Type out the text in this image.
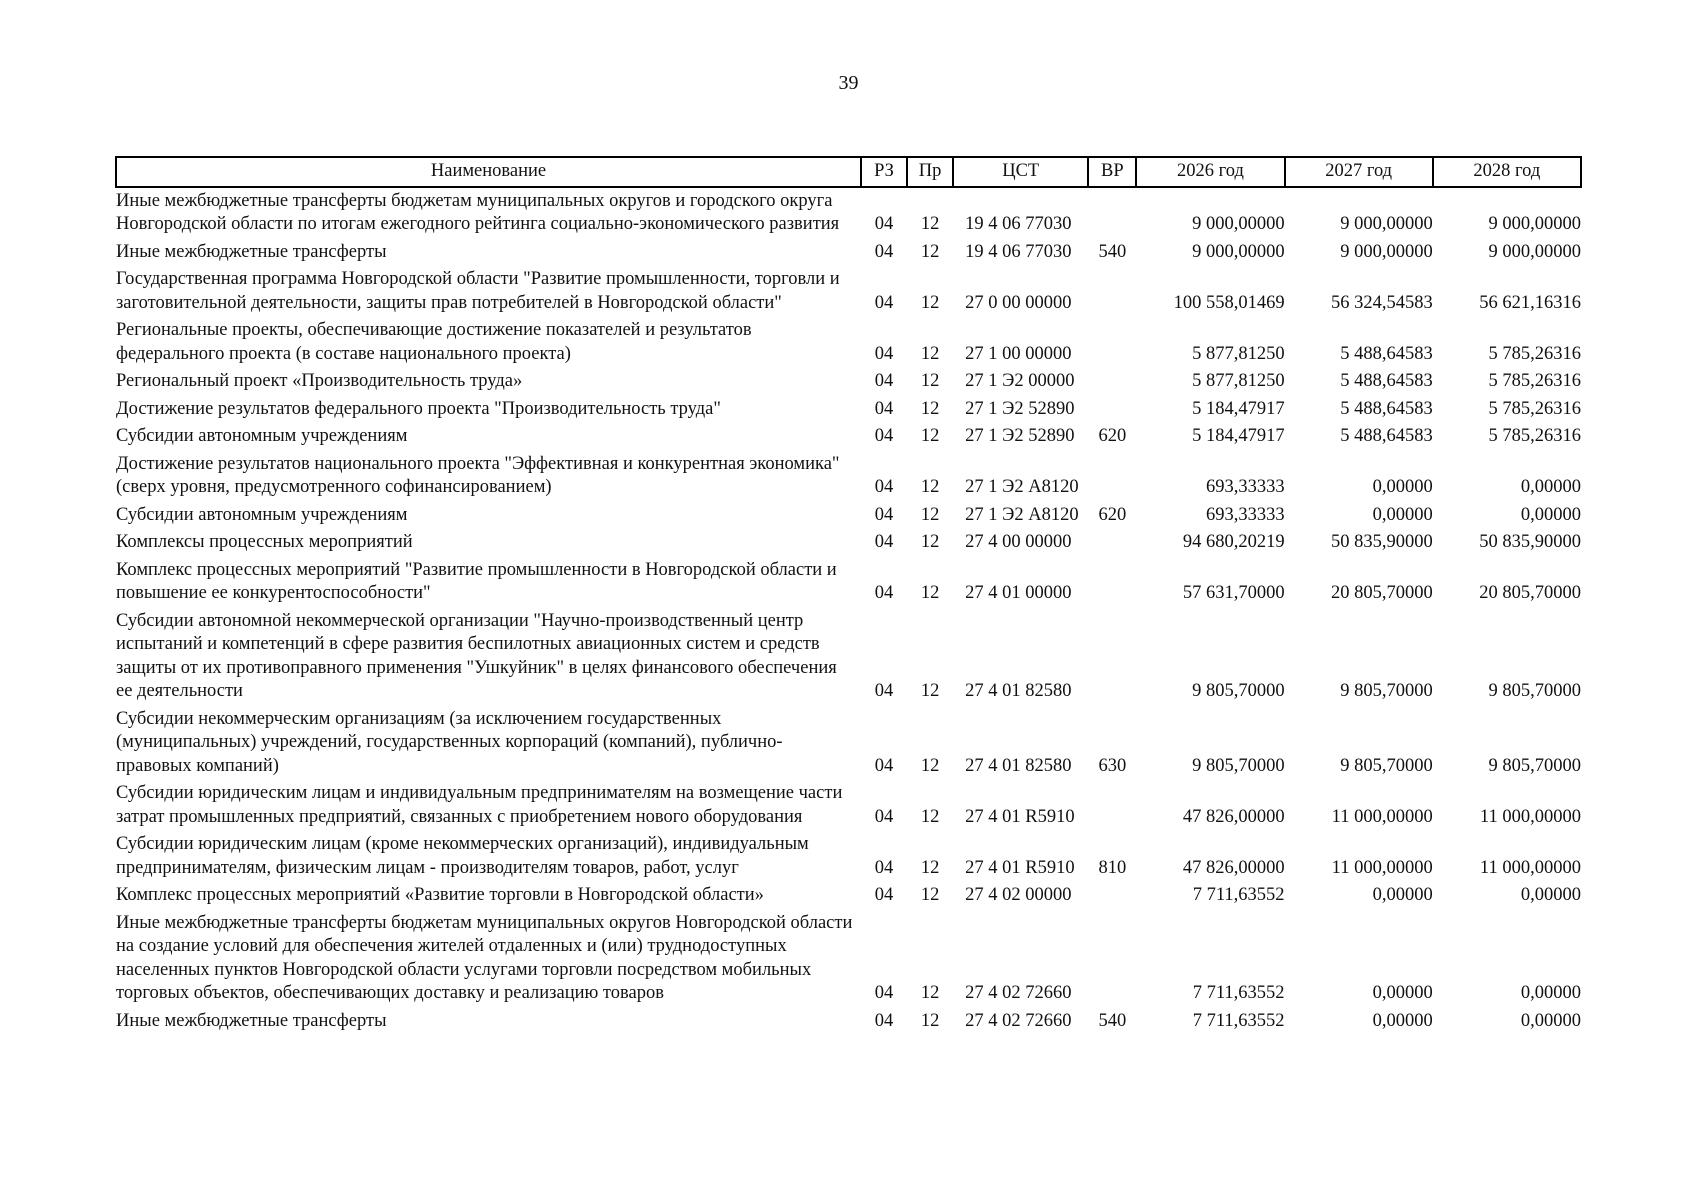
39
Наименование	РЗ	Пр	ЦСТ	ВР	2026 год	2027 год	2028 год
Иные межбюджетные трансферты бюджетам муниципальных округов и городского округа Новгородской области по итогам ежегодного рейтинга социально-экономического развития	04	12	19 4 06 77030		9 000,00000	9 000,00000	9 000,00000
Иные межбюджетные трансферты	04	12	19 4 06 77030	540	9 000,00000	9 000,00000	9 000,00000
Государственная программа Новгородской области "Развитие промышленности, торговли и заготовительной деятельности, защиты прав потребителей в Новгородской области"	04	12	27 0 00 00000		100 558,01469	56 324,54583	56 621,16316
Региональные проекты, обеспечивающие достижение показателей и результатов федерального проекта (в составе национального проекта)	04	12	27 1 00 00000		5 877,81250	5 488,64583	5 785,26316
Региональный проект «Производительность труда»	04	12	27 1 Э2 00000		5 877,81250	5 488,64583	5 785,26316
Достижение результатов федерального проекта "Производительность труда"	04	12	27 1 Э2 52890		5 184,47917	5 488,64583	5 785,26316
Субсидии автономным учреждениям	04	12	27 1 Э2 52890	620	5 184,47917	5 488,64583	5 785,26316
Достижение результатов национального проекта "Эффективная и конкурентная экономика" (сверх уровня, предусмотренного софинансированием)	04	12	27 1 Э2 А8120		693,33333	0,00000	0,00000
Субсидии автономным учреждениям	04	12	27 1 Э2 А8120	620	693,33333	0,00000	0,00000
Комплексы процессных мероприятий	04	12	27 4 00 00000		94 680,20219	50 835,90000	50 835,90000
Комплекс процессных мероприятий "Развитие промышленности в Новгородской области и повышение ее конкурентоспособности"	04	12	27 4 01 00000		57 631,70000	20 805,70000	20 805,70000
Субсидии автономной некоммерческой организации "Научно-производственный центр испытаний и компетенций в сфере развития беспилотных авиационных систем и средств защиты от их противоправного применения "Ушкуйник" в целях финансового обеспечения ее деятельности	04	12	27 4 01 82580		9 805,70000	9 805,70000	9 805,70000
Субсидии некоммерческим организациям (за исключением государственных (муниципальных) учреждений, государственных корпораций (компаний), публично-правовых компаний)	04	12	27 4 01 82580	630	9 805,70000	9 805,70000	9 805,70000
Субсидии юридическим лицам и индивидуальным предпринимателям на возмещение части затрат промышленных предприятий, связанных с приобретением нового оборудования	04	12	27 4 01 R5910		47 826,00000	11 000,00000	11 000,00000
Субсидии юридическим лицам (кроме некоммерческих организаций), индивидуальным предпринимателям, физическим лицам - производителям товаров, работ, услуг	04	12	27 4 01 R5910	810	47 826,00000	11 000,00000	11 000,00000
Комплекс процессных мероприятий «Развитие торговли в Новгородской области»	04	12	27 4 02 00000		7 711,63552	0,00000	0,00000
Иные межбюджетные трансферты бюджетам муниципальных округов Новгородской области на создание условий для обеспечения жителей отдаленных и (или) труднодоступных населенных пунктов Новгородской области услугами торговли посредством мобильных торговых объектов, обеспечивающих доставку и реализацию товаров	04	12	27 4 02 72660		7 711,63552	0,00000	0,00000
Иные межбюджетные трансферты	04	12	27 4 02 72660	540	7 711,63552	0,00000	0,00000
